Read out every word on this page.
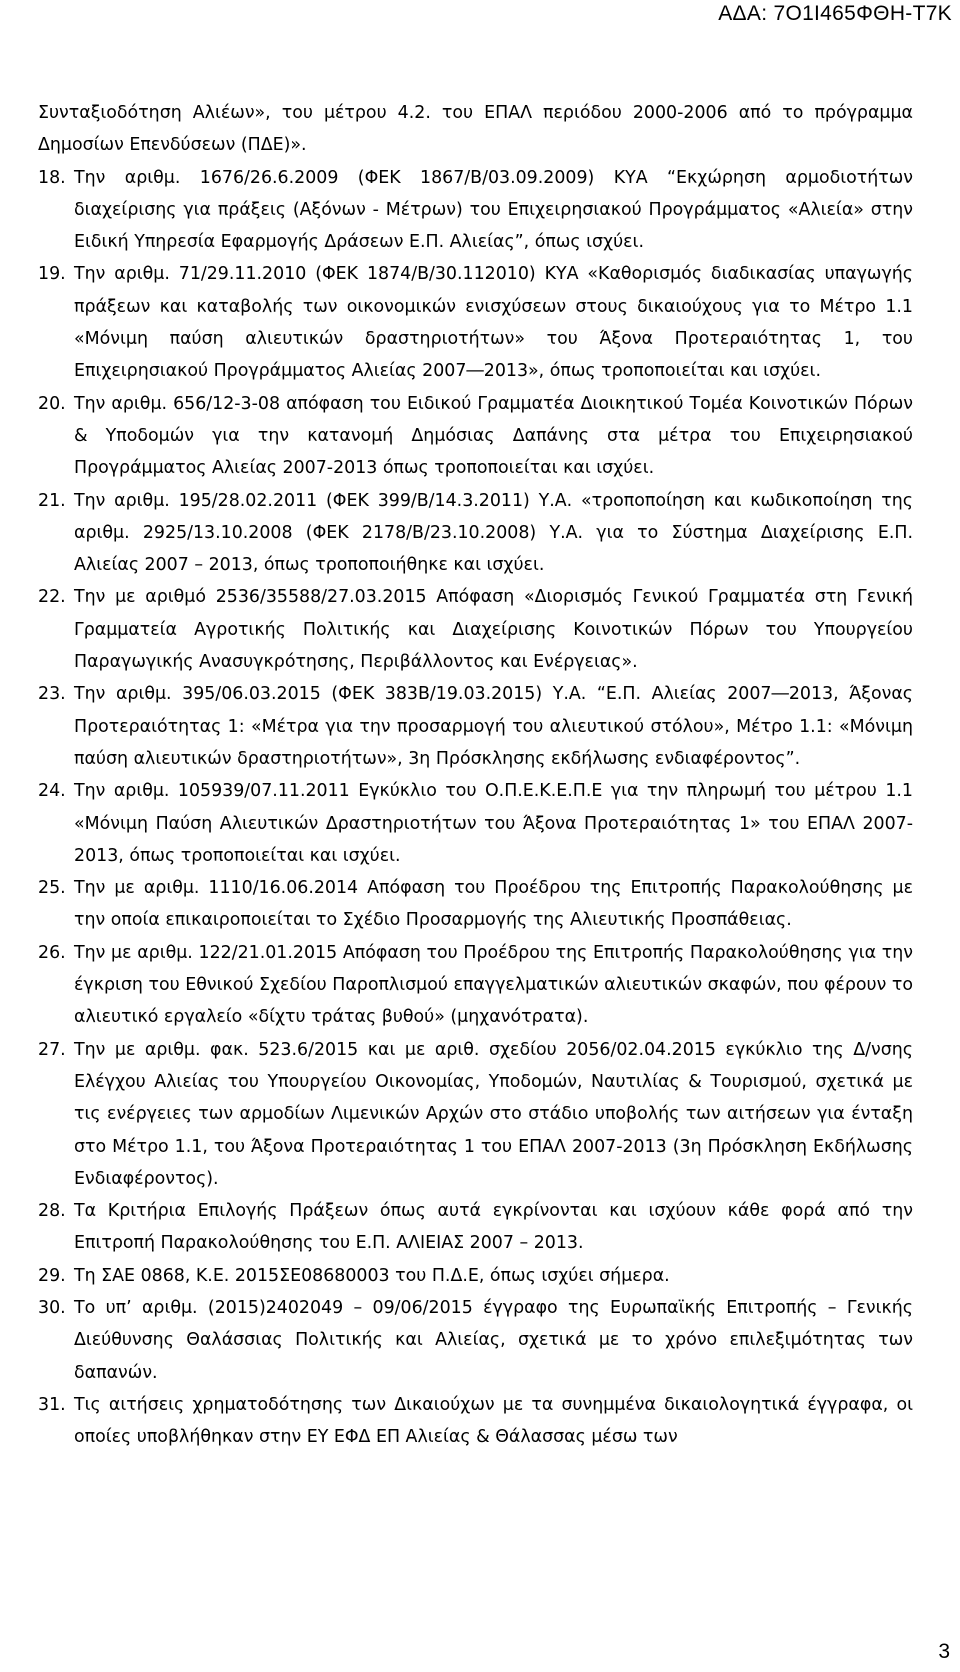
ΑΔΑ: 7Ο1Ι465ΦΘΗ-Τ7Κ

Συνταξιοδότηση Αλιέων», του μέτρου 4.2. του ΕΠΑΛ περιόδου 2000-2006 από το πρόγραμμα Δημοσίων Επενδύσεων (ΠΔΕ)».

18. Την αριθμ. 1676/26.6.2009 (ΦΕΚ 1867/Β/03.09.2009) ΚΥΑ “Εκχώρηση αρμοδιοτήτων διαχείρισης για πράξεις (Αξόνων - Μέτρων) του Επιχειρησιακού Προγράμματος «Αλιεία» στην Ειδική Υπηρεσία Εφαρμογής Δράσεων Ε.Π. Αλιείας”, όπως ισχύει.
19. Την αριθμ. 71/29.11.2010 (ΦΕΚ 1874/Β/30.112010) ΚΥΑ «Καθορισμός διαδικασίας υπαγωγής πράξεων και καταβολής των οικονομικών ενισχύσεων στους δικαιούχους για το Μέτρο 1.1 «Μόνιμη παύση αλιευτικών δραστηριοτήτων» του Άξονα Προτεραιότητας 1, του Επιχειρησιακού Προγράμματος Αλιείας 2007―2013», όπως τροποποιείται και ισχύει.
20. Την αριθμ. 656/12-3-08 απόφαση του Ειδικού Γραμματέα Διοικητικού Τομέα Κοινοτικών Πόρων & Υποδομών για την κατανομή Δημόσιας Δαπάνης στα μέτρα του Επιχειρησιακού Προγράμματος Αλιείας 2007-2013 όπως τροποποιείται και ισχύει.
21. Την αριθμ. 195/28.02.2011 (ΦΕΚ 399/Β/14.3.2011) Υ.Α. «τροποποίηση και κωδικοποίηση της αριθμ. 2925/13.10.2008 (ΦΕΚ 2178/Β/23.10.2008) Υ.Α. για το Σύστημα Διαχείρισης Ε.Π. Αλιείας 2007 – 2013, όπως τροποποιήθηκε και ισχύει.
22. Την με αριθμό 2536/35588/27.03.2015 Απόφαση «Διορισμός Γενικού Γραμματέα στη Γενική Γραμματεία Αγροτικής Πολιτικής και Διαχείρισης Κοινοτικών Πόρων του Υπουργείου Παραγωγικής Ανασυγκρότησης, Περιβάλλοντος και Ενέργειας».
23. Την αριθμ. 395/06.03.2015 (ΦΕΚ 383Β/19.03.2015) Υ.Α. “Ε.Π. Αλιείας 2007―2013, Άξονας Προτεραιότητας 1: «Μέτρα για την προσαρμογή του αλιευτικού στόλου», Μέτρο 1.1: «Μόνιμη παύση αλιευτικών δραστηριοτήτων», 3η Πρόσκλησης εκδήλωσης ενδιαφέροντος”.
24. Την αριθμ. 105939/07.11.2011 Εγκύκλιο του Ο.Π.Ε.Κ.Ε.Π.Ε για την πληρωμή του μέτρου 1.1 «Μόνιμη Παύση Αλιευτικών Δραστηριοτήτων του Άξονα Προτεραιότητας 1» του ΕΠΑΛ 2007-2013, όπως τροποποιείται και ισχύει.
25. Την με αριθμ. 1110/16.06.2014 Απόφαση του Προέδρου της Επιτροπής Παρακολούθησης με την οποία επικαιροποιείται το Σχέδιο Προσαρμογής της Αλιευτικής Προσπάθειας.
26. Την με αριθμ. 122/21.01.2015 Απόφαση του Προέδρου της Επιτροπής Παρακολούθησης για την έγκριση του Εθνικού Σχεδίου Παροπλισμού επαγγελματικών αλιευτικών σκαφών, που φέρουν το αλιευτικό εργαλείο «δίχτυ τράτας βυθού» (μηχανότρατα).
27. Την με αριθμ. φακ. 523.6/2015 και με αριθ. σχεδίου 2056/02.04.2015 εγκύκλιο της Δ/νσης Ελέγχου Αλιείας του Υπουργείου Οικονομίας, Υποδομών, Ναυτιλίας & Τουρισμού, σχετικά με τις ενέργειες των αρμοδίων Λιμενικών Αρχών στο στάδιο υποβολής των αιτήσεων για ένταξη στο Μέτρο 1.1, του Άξονα Προτεραιότητας 1 του ΕΠΑΛ 2007-2013 (3η Πρόσκληση Εκδήλωσης Ενδιαφέροντος).
28. Τα Κριτήρια Επιλογής Πράξεων όπως αυτά εγκρίνονται και ισχύουν κάθε φορά από την Επιτροπή Παρακολούθησης του Ε.Π. ΑΛΙΕΙΑΣ 2007 – 2013.
29. Τη ΣΑΕ 0868, Κ.Ε. 2015ΣΕ08680003 του Π.Δ.Ε, όπως ισχύει σήμερα.
30. Το υπ’ αριθμ. (2015)2402049 – 09/06/2015 έγγραφο της Ευρωπαϊκής Επιτροπής – Γενικής Διεύθυνσης Θαλάσσιας Πολιτικής και Αλιείας, σχετικά με το χρόνο επιλεξιμότητας των δαπανών.
31. Τις αιτήσεις χρηματοδότησης των Δικαιούχων με τα συνημμένα δικαιολογητικά έγγραφα, οι οποίες υποβλήθηκαν στην ΕΥ ΕΦΔ ΕΠ Αλιείας & Θάλασσας μέσω των
3
